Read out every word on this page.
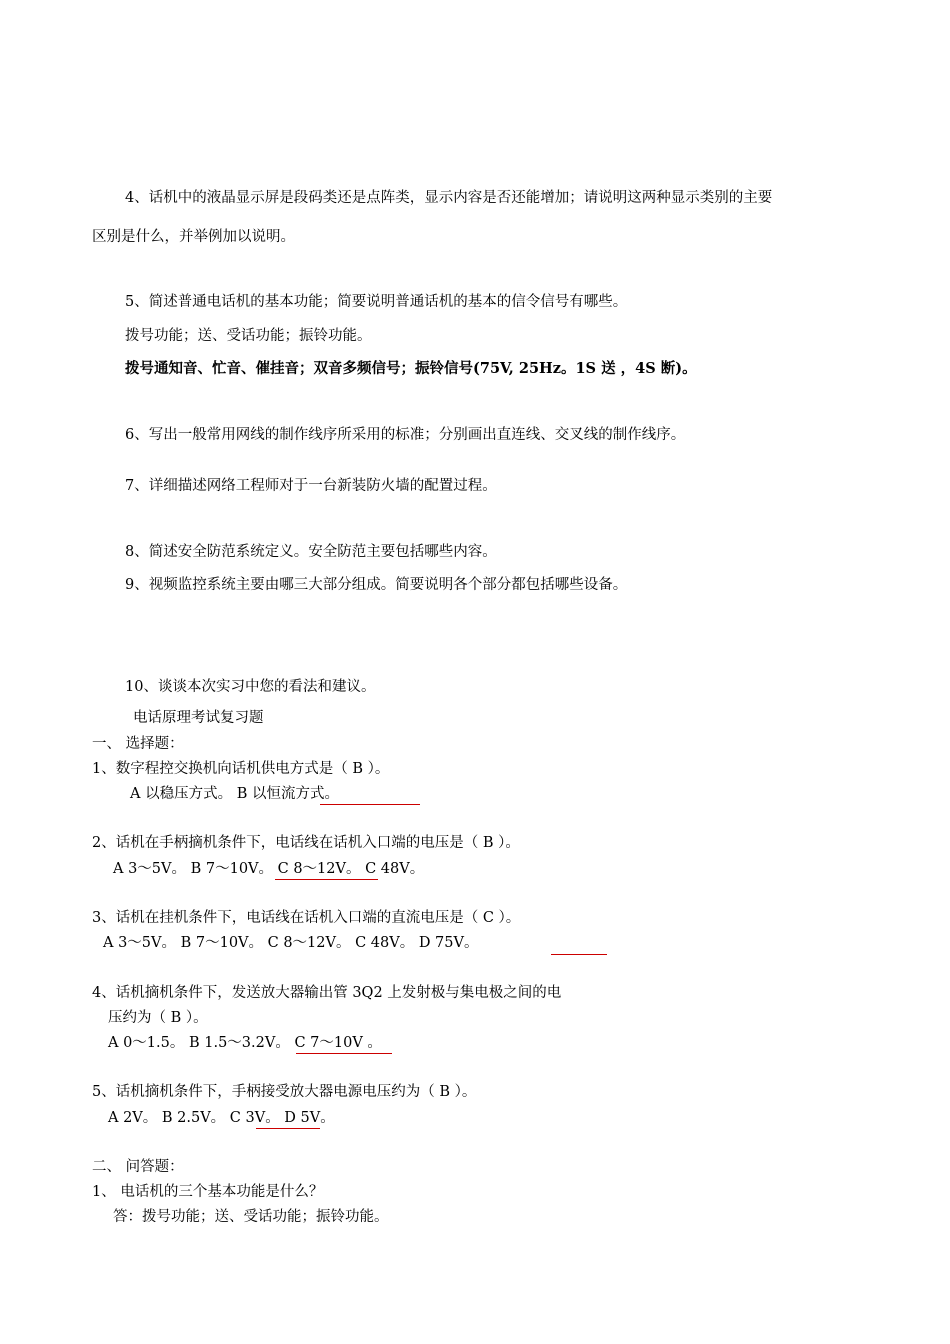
4、话机中的液晶显示屏是段码类还是点阵类，显示内容是否还能增加；请说明这两种显示类别的主要
区别是什么，并举例加以说明。
5、简述普通电话机的基本功能；简要说明普通话机的基本的信令信号有哪些。
拨号功能；送、受话功能；振铃功能。
拨号通知音、忙音、催挂音；双音多频信号；振铃信号(75V, 25Hz。1S 送 ，4S 断)。
6、写出一般常用网线的制作线序所采用的标准；分别画出直连线、交叉线的制作线序。
7、详细描述网络工程师对于一台新装防火墙的配置过程。
8、简述安全防范系统定义。安全防范主要包括哪些内容。
9、视频监控系统主要由哪三大部分组成。简要说明各个部分都包括哪些设备。
10、谈谈本次实习中您的看法和建议。
电话原理考试复习题
一、 选择题：
1、数字程控交换机向话机供电方式是（ B ）。
A 以稳压方式。 B 以恒流方式。
2、话机在手柄摘机条件下，电话线在话机入口端的电压是（ B ）。
A 3～5V。 B 7～10V。 C 8～12V。 C 48V。
3、话机在挂机条件下，电话线在话机入口端的直流电压是（ C ）。
A 3～5V。 B 7～10V。 C 8～12V。 C 48V。 D 75V。
4、话机摘机条件下，发送放大器输出管 3Q2 上发射极与集电极之间的电
压约为（ B ）。
A 0～1.5。 B 1.5～3.2V。 C 7～10V 。
5、话机摘机条件下，手柄接受放大器电源电压约为（ B ）。
A 2V。 B 2.5V。 C 3V。 D 5V。
二、 问答题：
1、 电话机的三个基本功能是什么？
答：拨号功能；送、受话功能；振铃功能。
